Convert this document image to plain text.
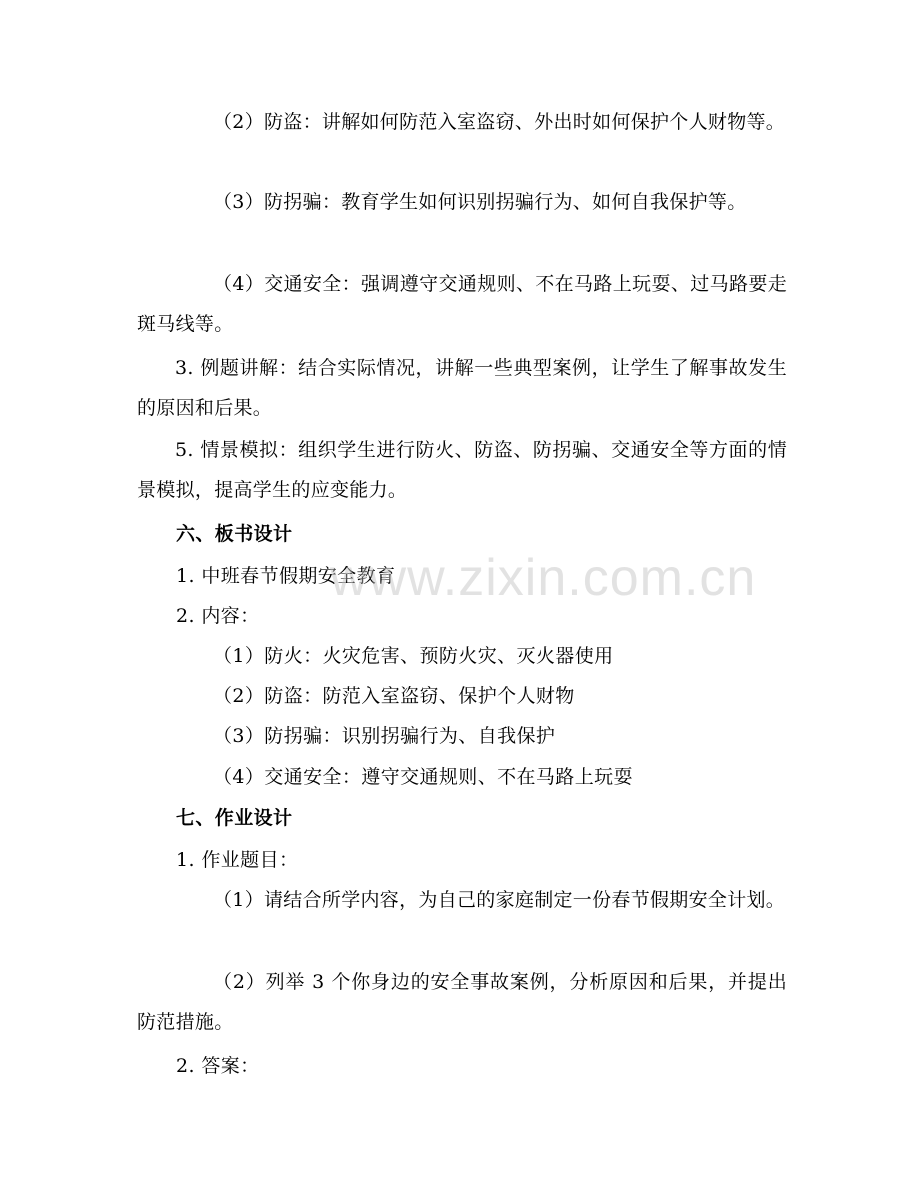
（2）防盗：讲解如何防范入室盗窃、外出时如何保护个人财物等。
（3）防拐骗：教育学生如何识别拐骗行为、如何自我保护等。
（4）交通安全：强调遵守交通规则、不在马路上玩耍、过马路要走斑马线等。
3. 例题讲解：结合实际情况，讲解一些典型案例，让学生了解事故发生的原因和后果。
5. 情景模拟：组织学生进行防火、防盗、防拐骗、交通安全等方面的情景模拟，提高学生的应变能力。
六、板书设计
1. 中班春节假期安全教育
2. 内容：
（1）防火：火灾危害、预防火灾、灭火器使用
（2）防盗：防范入室盗窃、保护个人财物
（3）防拐骗：识别拐骗行为、自我保护
（4）交通安全：遵守交通规则、不在马路上玩耍
七、作业设计
1. 作业题目：
（1）请结合所学内容，为自己的家庭制定一份春节假期安全计划。
（2）列举 3 个你身边的安全事故案例，分析原因和后果，并提出防范措施。
2. 答案：
www.zixin.com.cn
